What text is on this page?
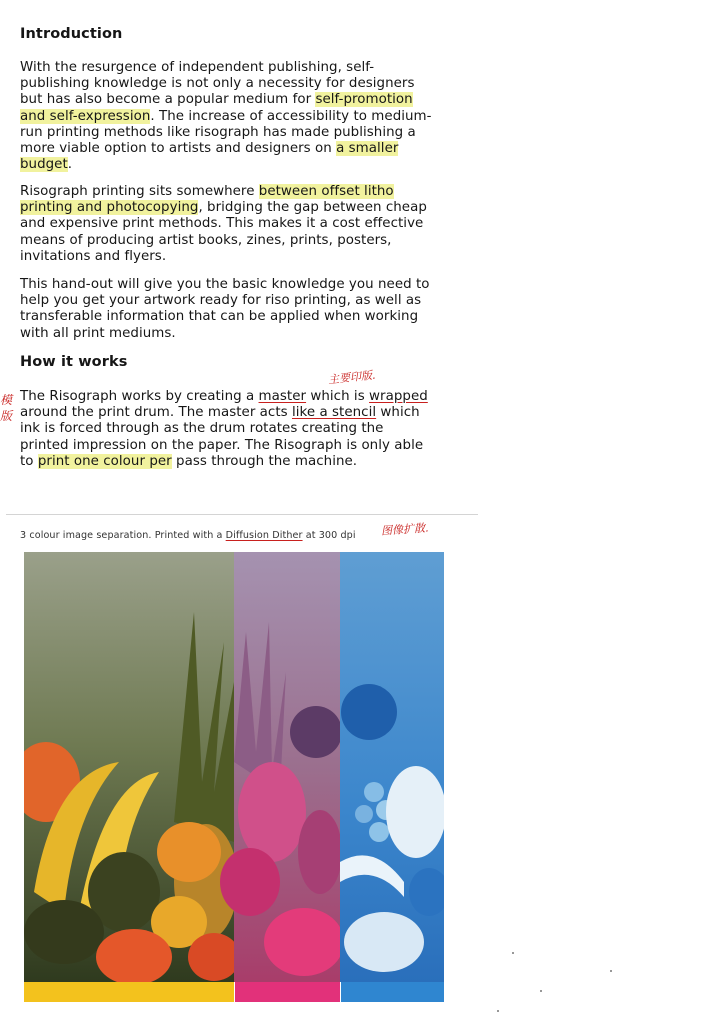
Introduction

With the resurgence of independent publishing, self-publishing knowledge is not only a necessity for designers but has also become a popular medium for self-promotion and self-expression. The increase of accessibility to medium-run printing methods like risograph has made publishing a more viable option to artists and designers on a smaller budget.

Risograph printing sits somewhere between offset litho printing and photocopying, bridging the gap between cheap and expensive print methods. This makes it a cost effective means of producing artist books, zines, prints, posters, invitations and flyers.

This hand-out will give you the basic knowledge you need to help you get your artwork ready for riso printing, as well as transferable information that can be applied when working with all print mediums.

How it works

The Risograph works by creating a master which is wrapped around the print drum. The master acts like a stencil which ink is forced through as the drum rotates creating the printed impression on the paper. The Risograph is only able to print one colour per pass through the machine.

主要印版.
模版
3 colour image separation. Printed with a Diffusion Dither at 300 dpi 图像扩散.
